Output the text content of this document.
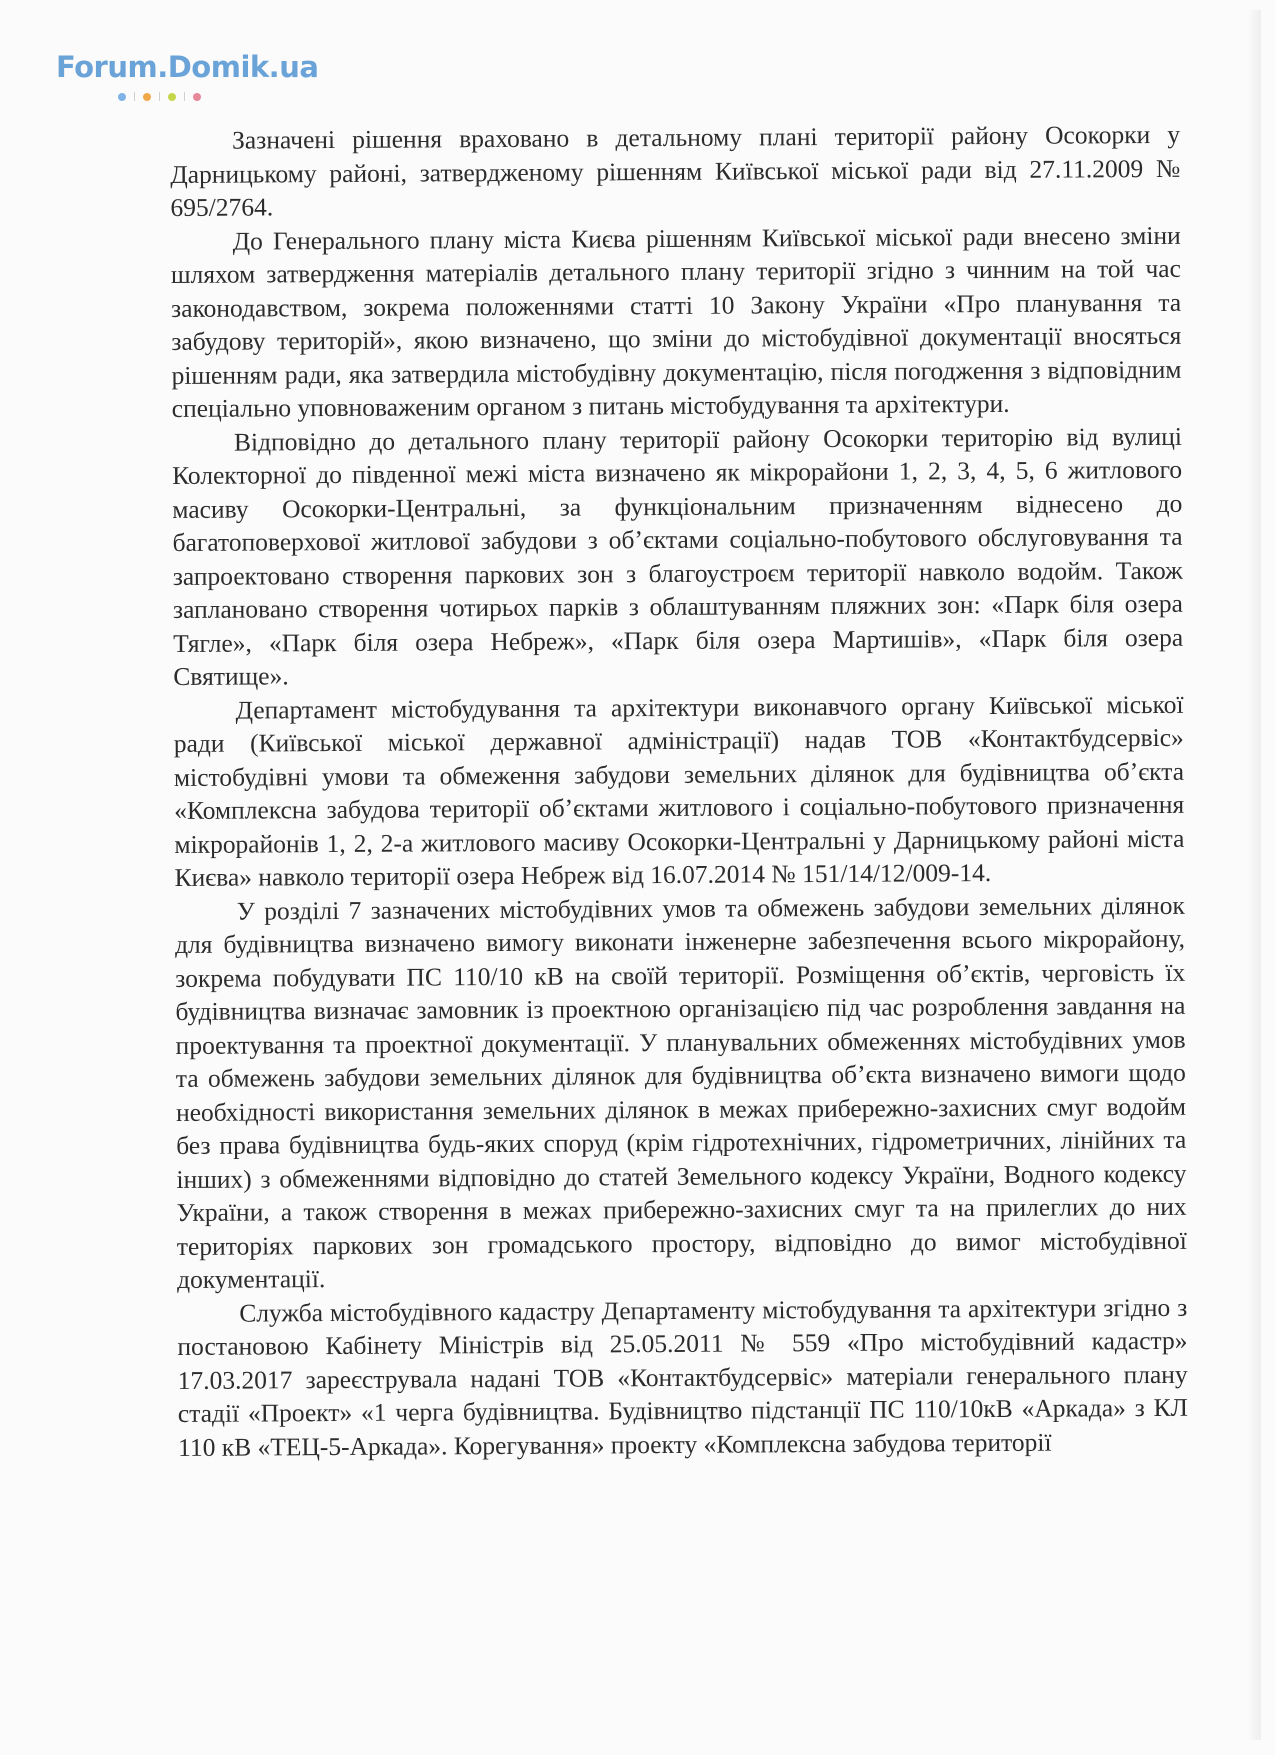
Forum.Domik.ua

Зазначені рішення враховано в детальному плані території району Осокорки у Дарницькому районі, затвердженому рішенням Київської міської ради від 27.11.2009 № 695/2764.

До Генерального плану міста Києва рішенням Київської міської ради внесено зміни шляхом затвердження матеріалів детального плану території згідно з чинним на той час законодавством, зокрема положеннями статті 10 Закону України «Про планування та забудову територій», якою визначено, що зміни до містобудівної документації вносяться рішенням ради, яка затвердила містобудівну документацію, після погодження з відповідним спеціально уповноваженим органом з питань містобудування та архітектури.

Відповідно до детального плану території району Осокорки територію від вулиці Колекторної до південної межі міста визначено як мікрорайони 1, 2, 3, 4, 5, 6 житлового масиву Осокорки-Центральні, за функціональним призначенням віднесено до багатоповерхової житлової забудови з об’єктами соціально-побутового обслуговування та запроектовано створення паркових зон з благоустроєм території навколо водойм. Також заплановано створення чотирьох парків з облаштуванням пляжних зон: «Парк біля озера Тягле», «Парк біля озера Небреж», «Парк біля озера Мартишів», «Парк біля озера Святище».

Департамент містобудування та архітектури виконавчого органу Київської міської ради (Київської міської державної адміністрації) надав ТОВ «Контактбудсервіс» містобудівні умови та обмеження забудови земельних ділянок для будівництва об’єкта «Комплексна забудова території об’єктами житлового і соціально-побутового призначення мікрорайонів 1, 2, 2-а житлового масиву Осокорки-Центральні у Дарницькому районі міста Києва» навколо території озера Небреж від 16.07.2014 № 151/14/12/009-14.

У розділі 7 зазначених містобудівних умов та обмежень забудови земельних ділянок для будівництва визначено вимогу виконати інженерне забезпечення всього мікрорайону, зокрема побудувати ПС 110/10 кВ на своїй території. Розміщення об’єктів, черговість їх будівництва визначає замовник із проектною організацією під час розроблення завдання на проектування та проектної документації. У планувальних обмеженнях містобудівних умов та обмежень забудови земельних ділянок для будівництва об’єкта визначено вимоги щодо необхідності використання земельних ділянок в межах прибережно-захисних смуг водойм без права будівництва будь-яких споруд (крім гідротехнічних, гідрометричних, лінійних та інших) з обмеженнями відповідно до статей Земельного кодексу України, Водного кодексу України, а також створення в межах прибережно-захисних смуг та на прилеглих до них територіях паркових зон громадського простору, відповідно до вимог містобудівної документації.

Служба містобудівного кадастру Департаменту містобудування та архітектури згідно з постановою Кабінету Міністрів від 25.05.2011 № 559 «Про містобудівний кадастр» 17.03.2017 зареєструвала надані ТОВ «Контактбудсервіс» матеріали генерального плану стадії «Проект» «1 черга будівництва. Будівництво підстанції ПС 110/10кВ «Аркада» з КЛ 110 кВ «ТЕЦ-5-Аркада». Корегування» проекту «Комплексна забудова території
